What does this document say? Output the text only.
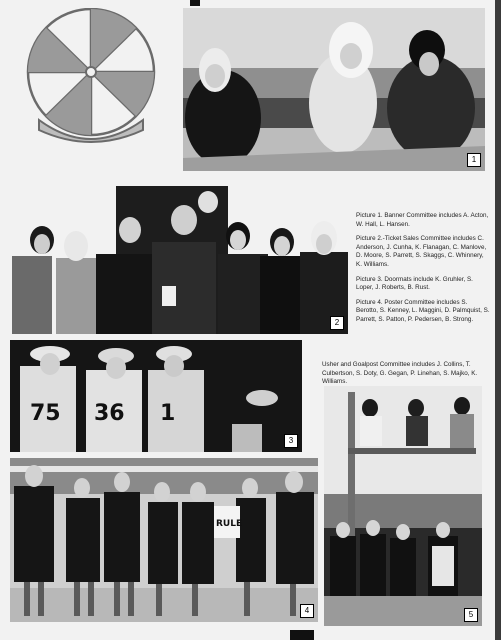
1
2

Picture 1. Banner Committee includes A. Acton, W. Hall, L. Hansen.

Picture 2.-Ticket Sales Committee includes C. Anderson, J. Cunha, K. Flanagan, C. Manlove, D. Moore, S. Parrett, S. Skaggs, C. Whinnery, K. Williams.

Picture 3. Doormats include K. Gruhler, S. Loper, J. Roberts, B. Rust.

Picture 4. Poster Committee includes S. Berotto, S. Kenney, L. Maggini, D. Palmquist, S. Parrett, S. Patton, P. Pedersen, B. Strong.

Usher and Goalpost Committee includes J. Collins, T. Culbertson, S. Doty, G. Gegan, P. Linehan, S. Majko, K. Williams.
75 36 1
3
RULE
4	5
